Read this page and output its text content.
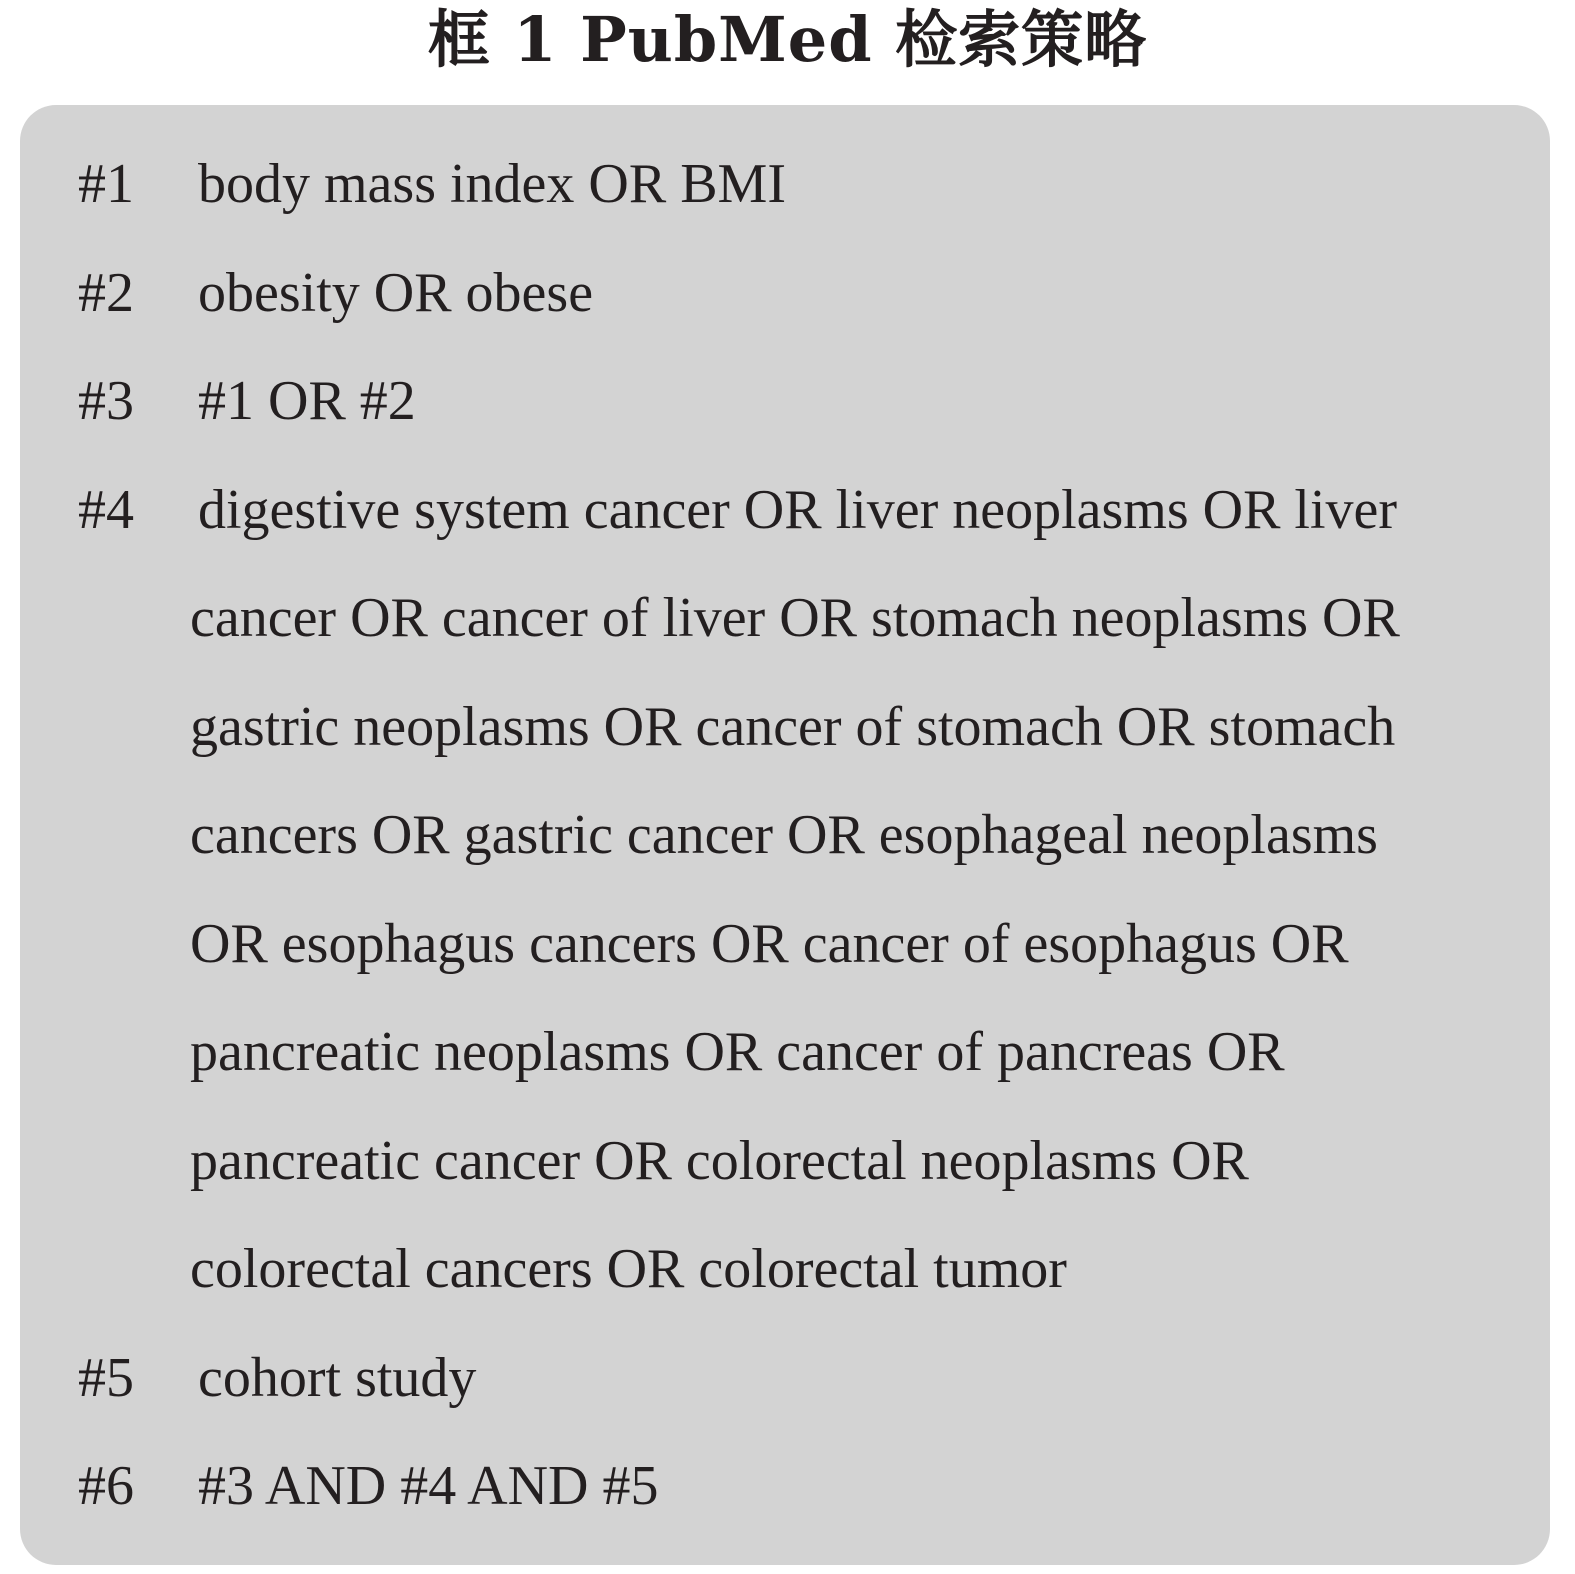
框 1 PubMed 检索策略
#1 body mass index OR BMI
#2 obesity OR obese
#3 #1 OR #2
#4 digestive system cancer OR liver neoplasms OR liver
cancer OR cancer of liver OR stomach neoplasms OR
gastric neoplasms OR cancer of stomach OR stomach
cancers OR gastric cancer OR esophageal neoplasms
OR esophagus cancers OR cancer of esophagus OR
pancreatic neoplasms OR cancer of pancreas OR
pancreatic cancer OR colorectal neoplasms OR
colorectal cancers OR colorectal tumor
#5 cohort study
#6 #3 AND #4 AND #5
